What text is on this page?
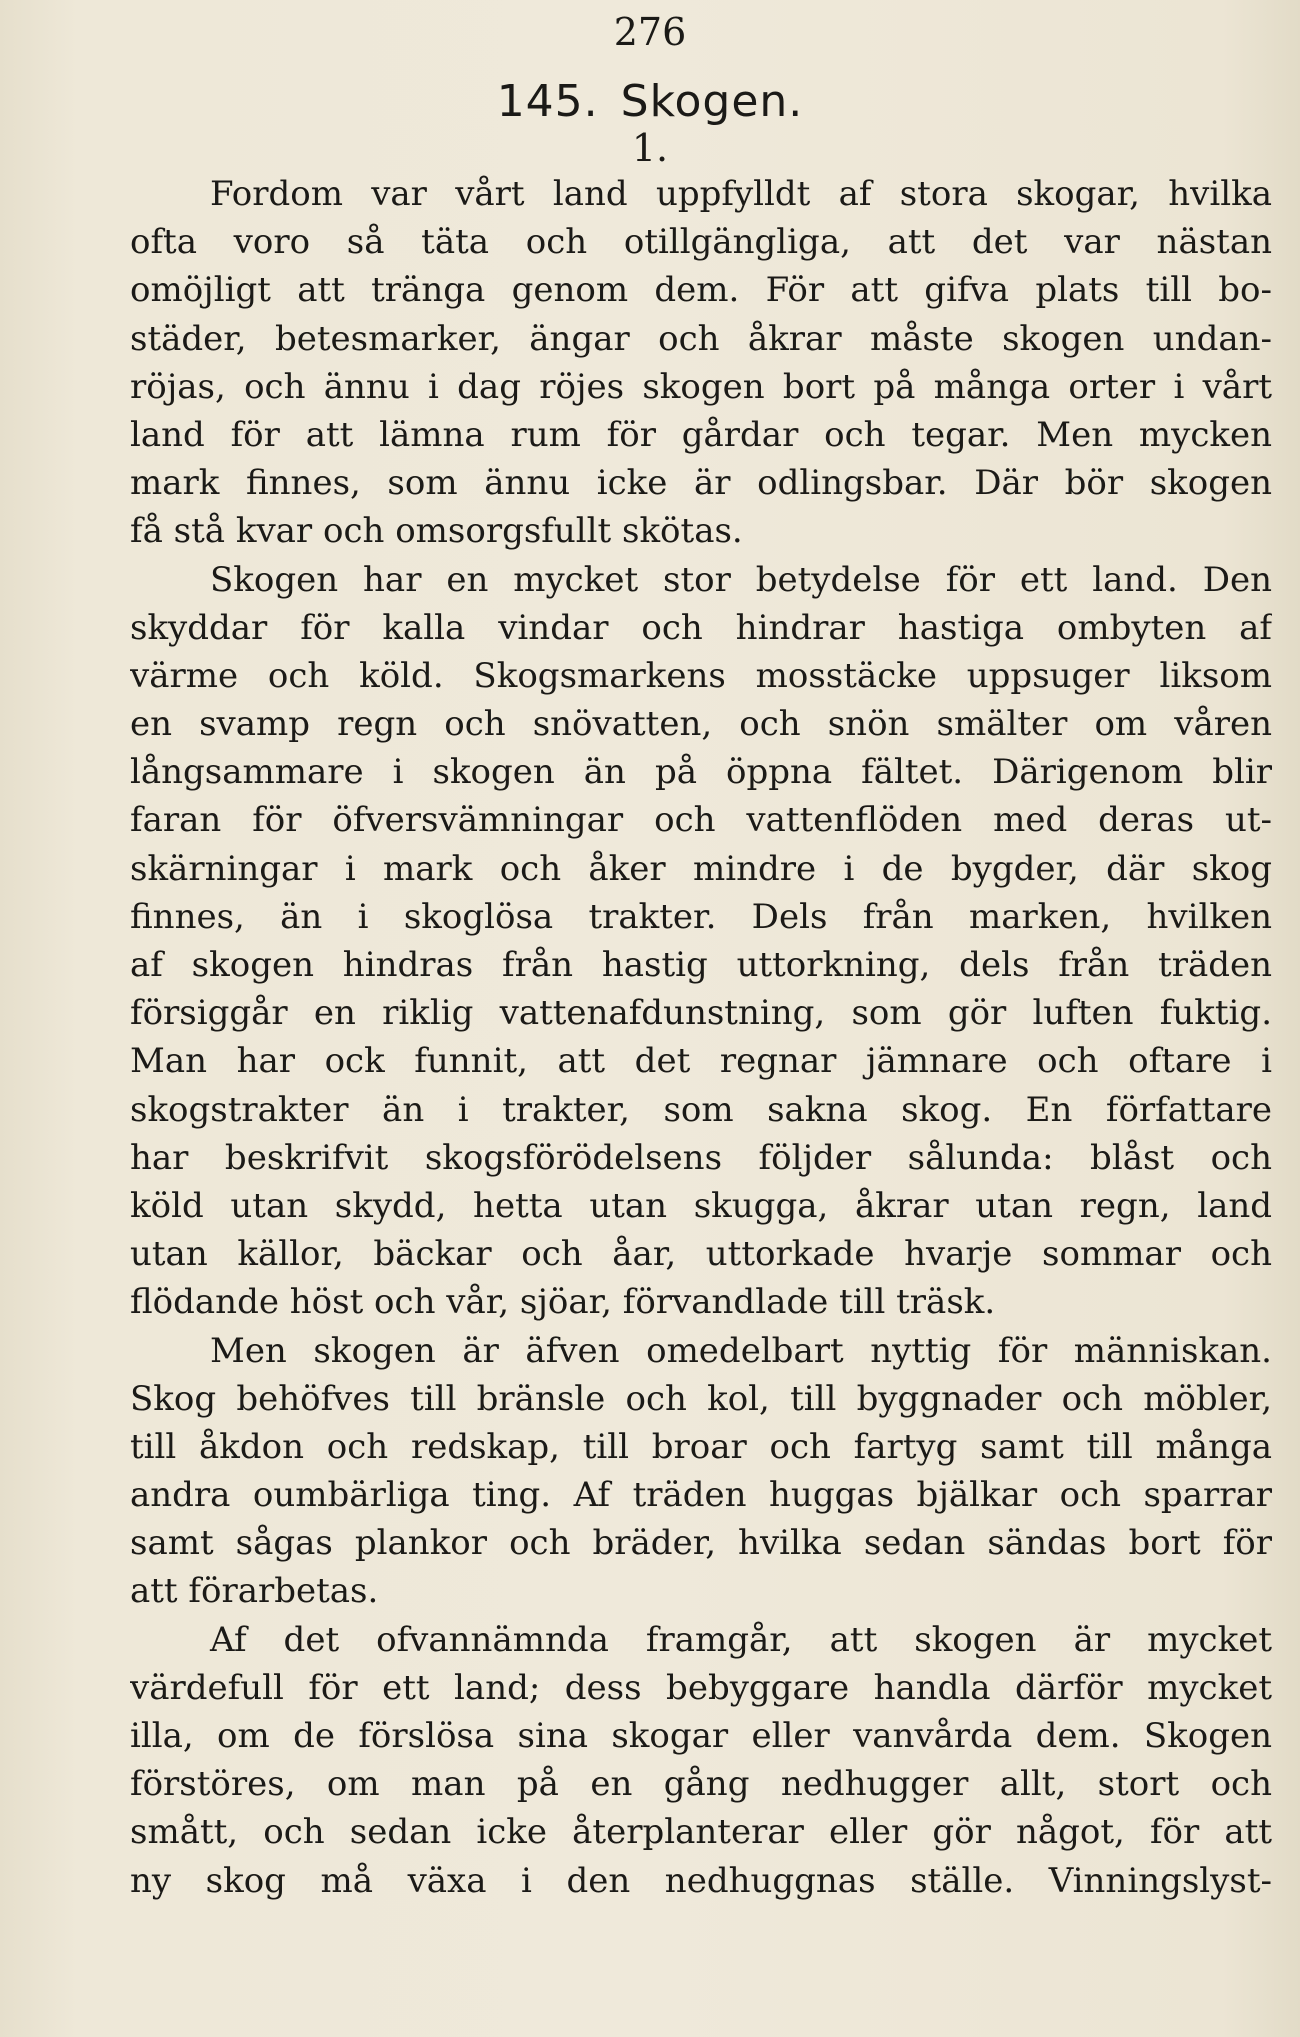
276
145. Skogen.
1.
Fordom var vårt land uppfylldt af stora skogar, hvilka
ofta voro så täta och otillgängliga, att det var nästan
omöjligt att tränga genom dem. För att gifva plats till bo-
städer, betesmarker, ängar och åkrar måste skogen undan-
röjas, och ännu i dag röjes skogen bort på många orter i vårt
land för att lämna rum för gårdar och tegar. Men mycken
mark finnes, som ännu icke är odlingsbar. Där bör skogen
få stå kvar och omsorgsfullt skötas.
Skogen har en mycket stor betydelse för ett land. Den
skyddar för kalla vindar och hindrar hastiga ombyten af
värme och köld. Skogsmarkens mosstäcke uppsuger liksom
en svamp regn och snövatten, och snön smälter om våren
långsammare i skogen än på öppna fältet. Därigenom blir
faran för öfversvämningar och vattenflöden med deras ut-
skärningar i mark och åker mindre i de bygder, där skog
finnes, än i skoglösa trakter. Dels från marken, hvilken
af skogen hindras från hastig uttorkning, dels från träden
försiggår en riklig vattenafdunstning, som gör luften fuktig.
Man har ock funnit, att det regnar jämnare och oftare i
skogstrakter än i trakter, som sakna skog. En författare
har beskrifvit skogsförödelsens följder sålunda: blåst och
köld utan skydd, hetta utan skugga, åkrar utan regn, land
utan källor, bäckar och åar, uttorkade hvarje sommar och
flödande höst och vår, sjöar, förvandlade till träsk.
Men skogen är äfven omedelbart nyttig för människan.
Skog behöfves till bränsle och kol, till byggnader och möbler,
till åkdon och redskap, till broar och fartyg samt till många
andra oumbärliga ting. Af träden huggas bjälkar och sparrar
samt sågas plankor och bräder, hvilka sedan sändas bort för
att förarbetas.
Af det ofvannämnda framgår, att skogen är mycket
värdefull för ett land; dess bebyggare handla därför mycket
illa, om de förslösa sina skogar eller vanvårda dem. Skogen
förstöres, om man på en gång nedhugger allt, stort och
smått, och sedan icke återplanterar eller gör något, för att
ny skog må växa i den nedhuggnas ställe. Vinningslyst-
